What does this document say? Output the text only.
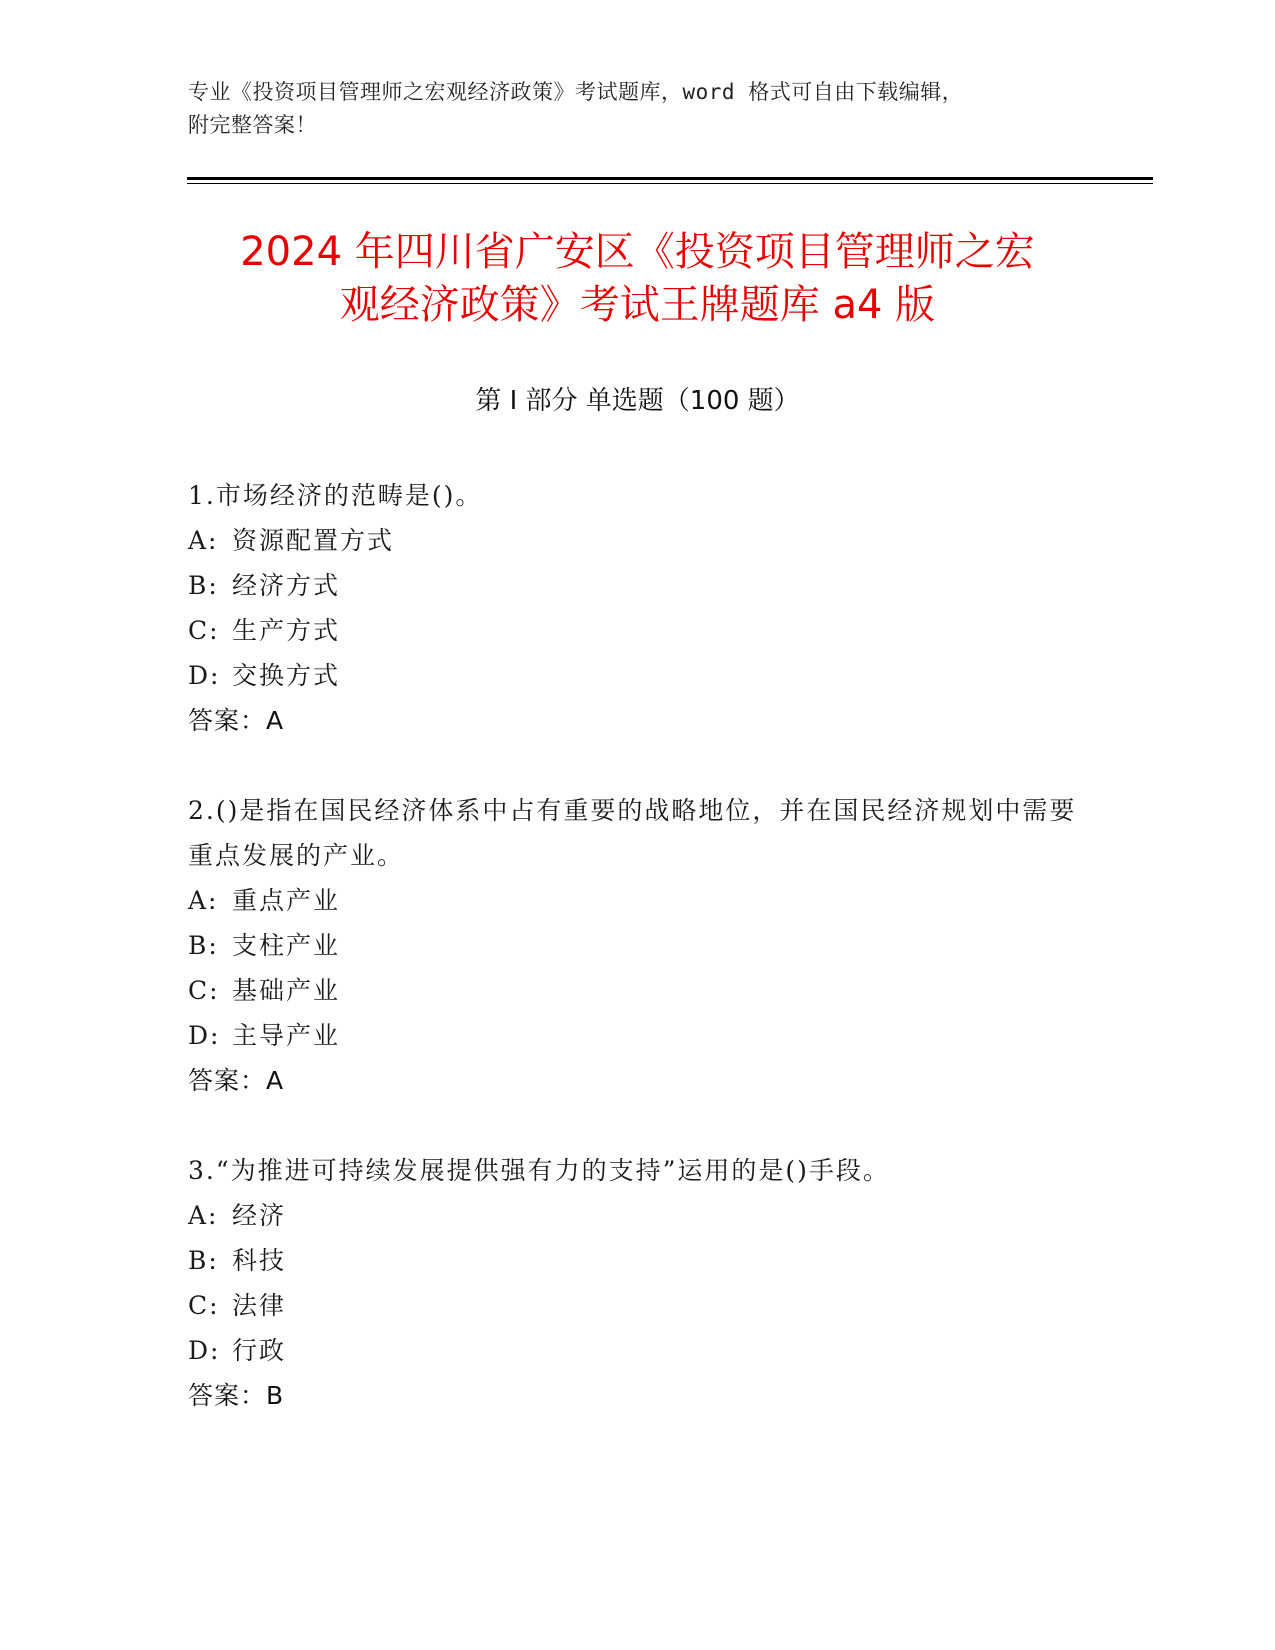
专业《投资项目管理师之宏观经济政策》考试题库，word 格式可自由下载编辑，
附完整答案！
2024 年四川省广安区《投资项目管理师之宏
观经济政策》考试王牌题库 a4 版
第 I 部分 单选题（100 题）

1.市场经济的范畴是()。

A: 资源配置方式
B: 经济方式
C: 生产方式
D: 交换方式
答案：A

2.()是指在国民经济体系中占有重要的战略地位，并在国民经济规划中需要重点发展的产业。

A: 重点产业
B: 支柱产业
C: 基础产业
D: 主导产业
答案：A

3.“为推进可持续发展提供强有力的支持”运用的是()手段。

A: 经济
B: 科技
C: 法律
D: 行政
答案：B
